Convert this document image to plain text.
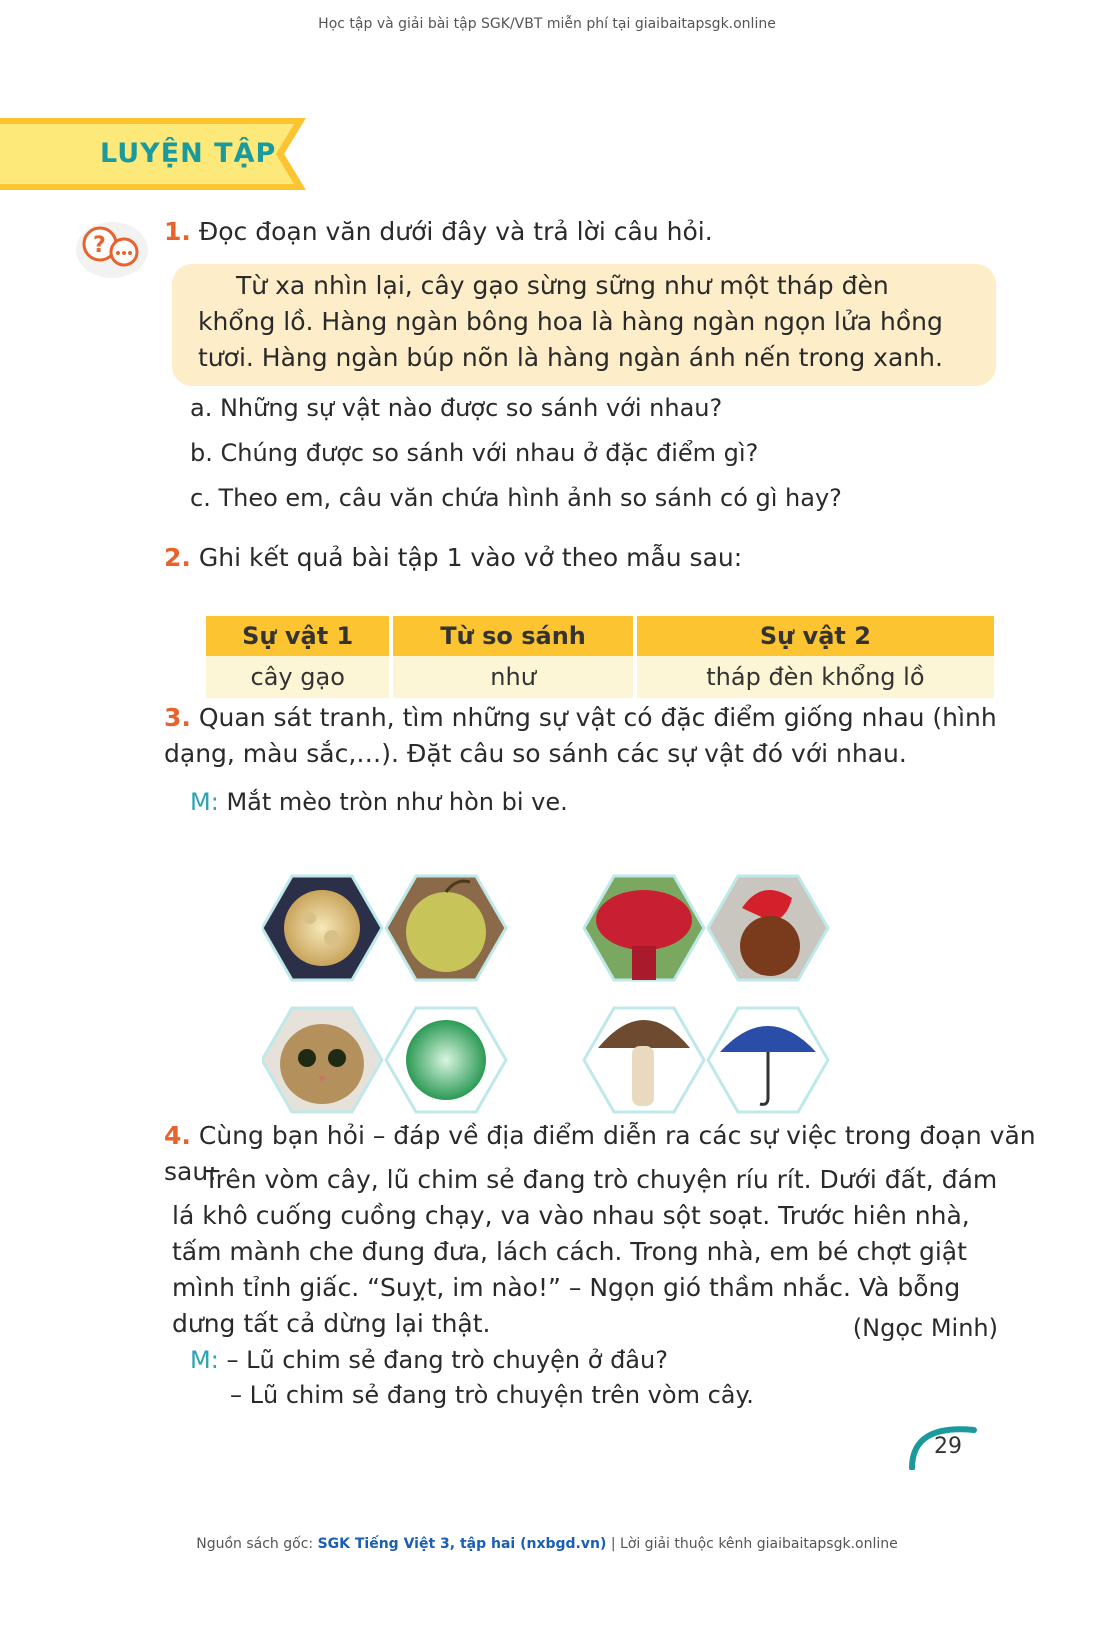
Học tập và giải bài tập SGK/VBT miễn phí tại giaibaitapsgk.online
LUYỆN TẬP
? 1. Đọc đoạn văn dưới đây và trả lời câu hỏi.
Từ xa nhìn lại, cây gạo sừng sững như một tháp đèn khổng lồ. Hàng ngàn bông hoa là hàng ngàn ngọn lửa hồng tươi. Hàng ngàn búp nõn là hàng ngàn ánh nến trong xanh.
a. Những sự vật nào được so sánh với nhau?
b. Chúng được so sánh với nhau ở đặc điểm gì?
c. Theo em, câu văn chứa hình ảnh so sánh có gì hay?
2. Ghi kết quả bài tập 1 vào vở theo mẫu sau:
Sự vật 1	Từ so sánh	Sự vật 2
cây gạo	như	tháp đèn khổng lồ
3. Quan sát tranh, tìm những sự vật có đặc điểm giống nhau (hình dạng, màu sắc,…). Đặt câu so sánh các sự vật đó với nhau.
M: Mắt mèo tròn như hòn bi ve.
4. Cùng bạn hỏi – đáp về địa điểm diễn ra các sự việc trong đoạn văn sau:
Trên vòm cây, lũ chim sẻ đang trò chuyện ríu rít. Dưới đất, đám lá khô cuống cuồng chạy, va vào nhau sột soạt. Trước hiên nhà, tấm mành che đung đưa, lách cách. Trong nhà, em bé chợt giật mình tỉnh giấc. “Suỵt, im nào!” – Ngọn gió thầm nhắc. Và bỗng dưng tất cả dừng lại thật.	(Ngọc Minh)
M: – Lũ chim sẻ đang trò chuyện ở đâu?
– Lũ chim sẻ đang trò chuyện trên vòm cây.
29
Nguồn sách gốc: SGK Tiếng Việt 3, tập hai (nxbgd.vn) | Lời giải thuộc kênh giaibaitapsgk.online
